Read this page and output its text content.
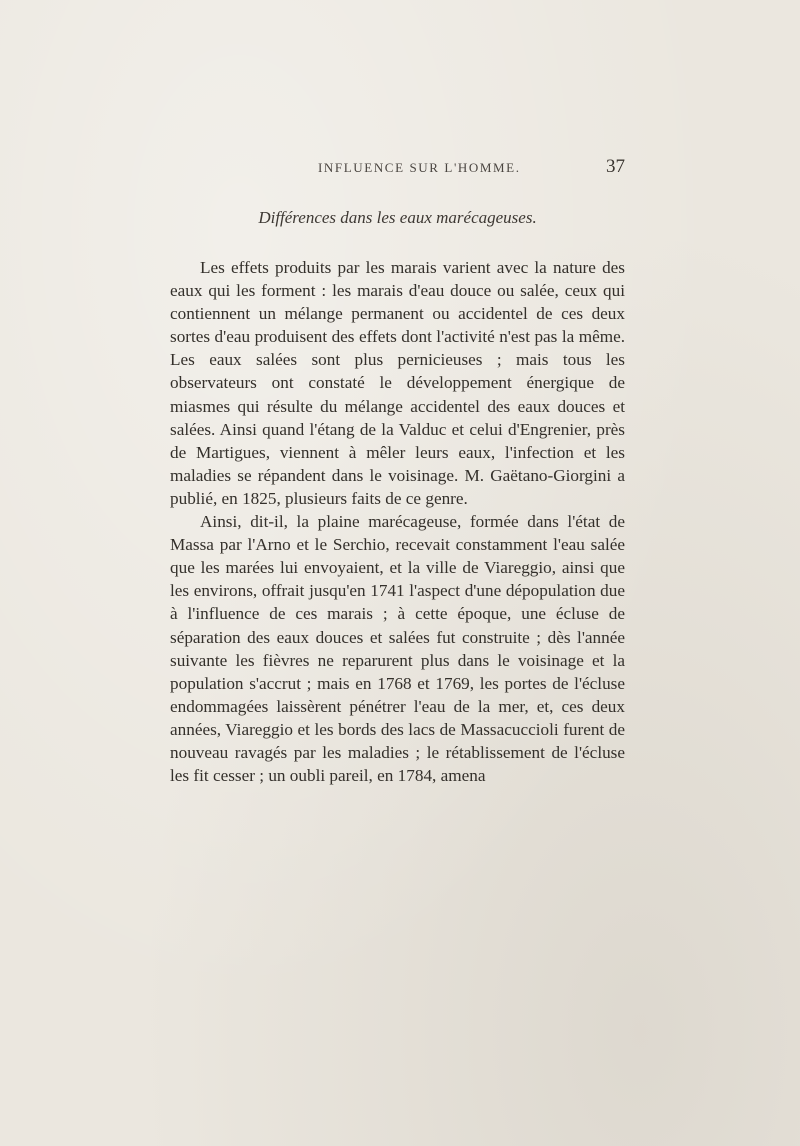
INFLUENCE SUR L'HOMME.	37
Différences dans les eaux marécageuses.

Les effets produits par les marais varient avec la nature des eaux qui les forment : les marais d'eau douce ou salée, ceux qui contiennent un mélange permanent ou accidentel de ces deux sortes d'eau produisent des effets dont l'activité n'est pas la même. Les eaux salées sont plus pernicieuses ; mais tous les observateurs ont constaté le développement énergique de miasmes qui résulte du mélange accidentel des eaux douces et salées. Ainsi quand l'étang de la Valduc et celui d'Engrenier, près de Martigues, viennent à mêler leurs eaux, l'infection et les maladies se répandent dans le voisinage. M. Gaëtano-Giorgini a publié, en 1825, plusieurs faits de ce genre.

Ainsi, dit-il, la plaine marécageuse, formée dans l'état de Massa par l'Arno et le Serchio, recevait constamment l'eau salée que les marées lui envoyaient, et la ville de Viareggio, ainsi que les environs, offrait jusqu'en 1741 l'aspect d'une dépopulation due à l'influence de ces marais ; à cette époque, une écluse de séparation des eaux douces et salées fut construite ; dès l'année suivante les fièvres ne reparurent plus dans le voisinage et la population s'accrut ; mais en 1768 et 1769, les portes de l'écluse endommagées laissèrent pénétrer l'eau de la mer, et, ces deux années, Viareggio et les bords des lacs de Massacuccioli furent de nouveau ravagés par les maladies ; le rétablissement de l'écluse les fit cesser ; un oubli pareil, en 1784, amena
